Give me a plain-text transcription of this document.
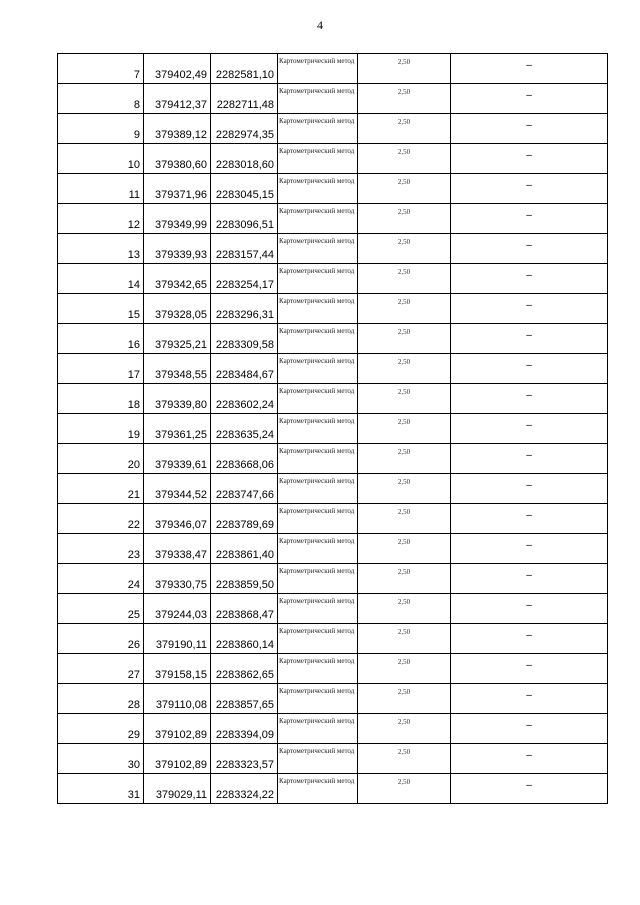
4
7	379402,49	2282581,10	Картометрический метод	2,50	–
8	379412,37	2282711,48	Картометрический метод	2,50	–
9	379389,12	2282974,35	Картометрический метод	2,50	–
10	379380,60	2283018,60	Картометрический метод	2,50	–
11	379371,96	2283045,15	Картометрический метод	2,50	–
12	379349,99	2283096,51	Картометрический метод	2,50	–
13	379339,93	2283157,44	Картометрический метод	2,50	–
14	379342,65	2283254,17	Картометрический метод	2,50	–
15	379328,05	2283296,31	Картометрический метод	2,50	–
16	379325,21	2283309,58	Картометрический метод	2,50	–
17	379348,55	2283484,67	Картометрический метод	2,50	–
18	379339,80	2283602,24	Картометрический метод	2,50	–
19	379361,25	2283635,24	Картометрический метод	2,50	–
20	379339,61	2283668,06	Картометрический метод	2,50	–
21	379344,52	2283747,66	Картометрический метод	2,50	–
22	379346,07	2283789,69	Картометрический метод	2,50	–
23	379338,47	2283861,40	Картометрический метод	2,50	–
24	379330,75	2283859,50	Картометрический метод	2,50	–
25	379244,03	2283868,47	Картометрический метод	2,50	–
26	379190,11	2283860,14	Картометрический метод	2,50	–
27	379158,15	2283862,65	Картометрический метод	2,50	–
28	379110,08	2283857,65	Картометрический метод	2,50	–
29	379102,89	2283394,09	Картометрический метод	2,50	–
30	379102,89	2283323,57	Картометрический метод	2,50	–
31	379029,11	2283324,22	Картометрический метод	2,50	–
